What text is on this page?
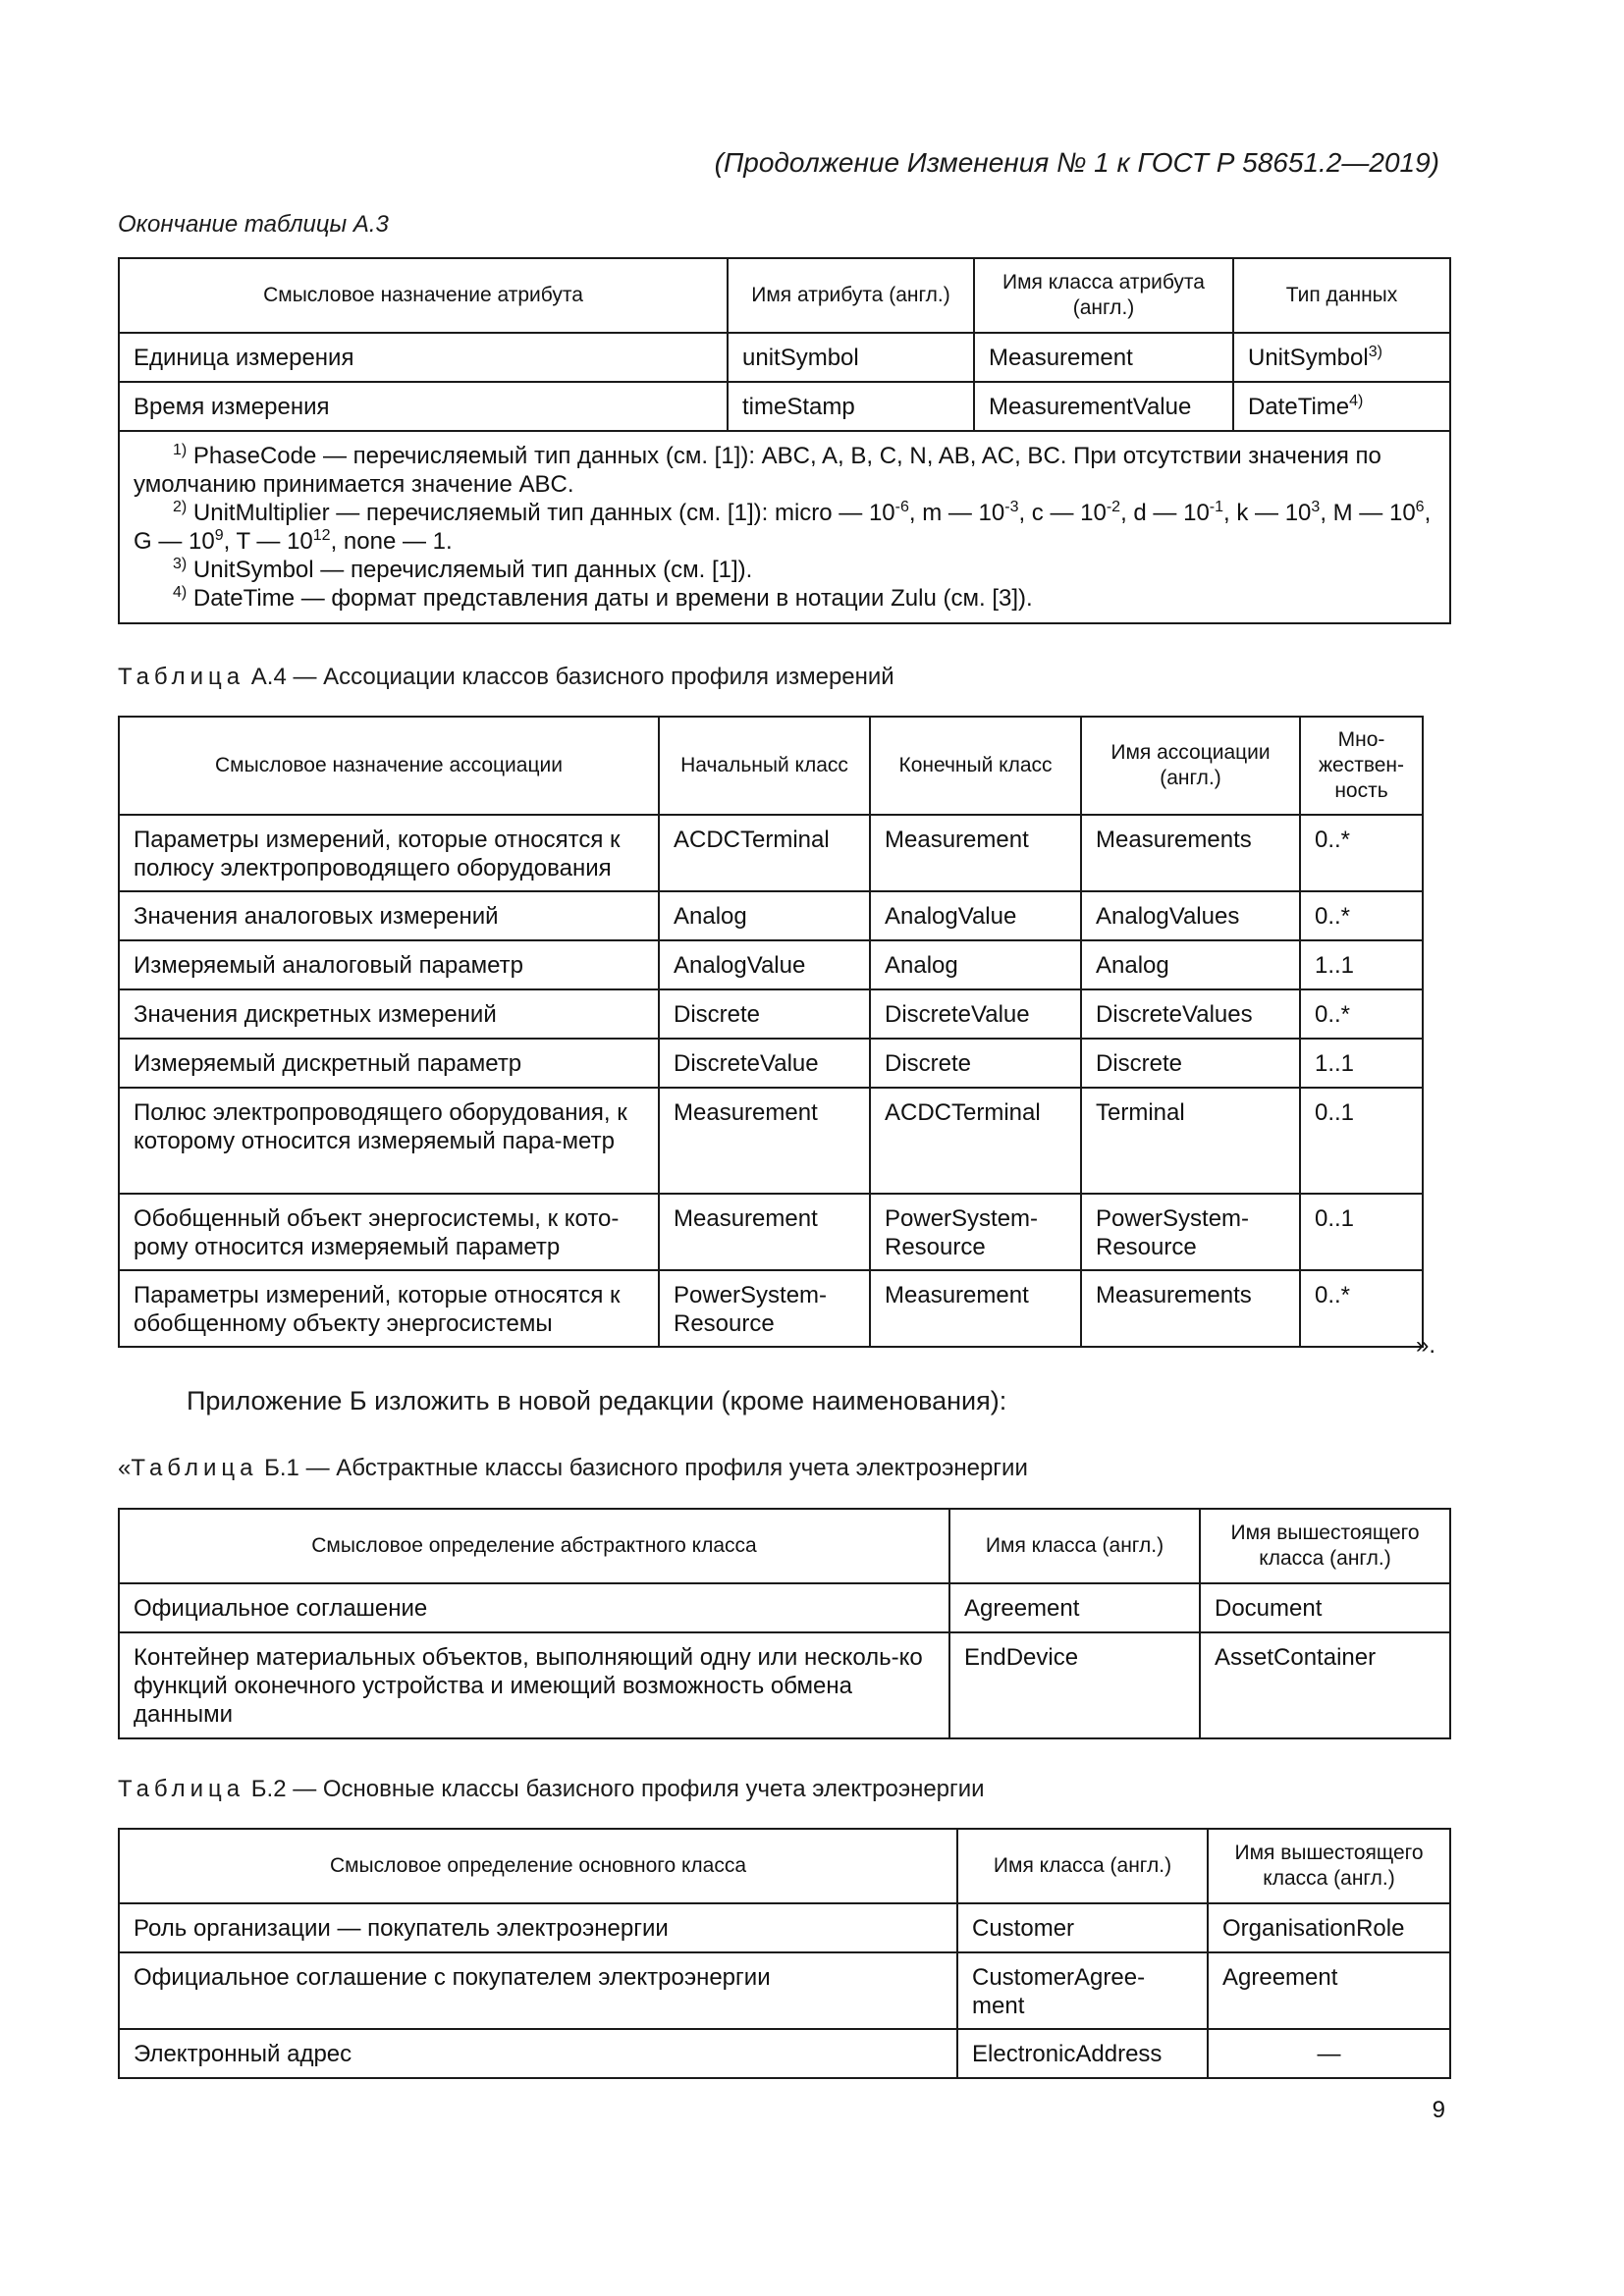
(Продолжение Изменения № 1 к ГОСТ Р 58651.2—2019)
Окончание таблицы А.3
Смысловое назначение атрибута	Имя атрибута (англ.)	Имя класса атрибута (англ.)	Тип данных
Единица измерения	unitSymbol	Measurement	UnitSymbol$^{3)}$
Время измерения	timeStamp	MeasurementValue	DateTime$^{4)}$

$^{1)}$ PhaseCode — перечисляемый тип данных (см. [1]): ABC, A, B, C, N, AB, AC, BC. При отсутствии значения по умолчанию принимается значение ABC.

$^{2)}$ UnitMultiplier — перечисляемый тип данных (см. [1]): micro — $10^{-6}$, m — $10^{-3}$, c — $10^{-2}$, d — $10^{-1}$, k — $10^3$, M — $10^6$, G — $10^9$, T — $10^{12}$, none — 1.

$^{3)}$ UnitSymbol — перечисляемый тип данных (см. [1]).

$^{4)}$ DateTime — формат представления даты и времени в нотации Zulu (см. [3]).			

Таблица А.4 — Ассоциации классов базисного профиля измерений
Смысловое назначение ассоциации	Начальный класс	Конечный класс	Имя ассоциации (англ.)	Мно-жествен-ность
Параметры измерений, которые относятся к полюсу электропроводящего оборудования	ACDCTerminal	Measurement	Measurements	0..*
Значения аналоговых измерений	Analog	AnalogValue	AnalogValues	0..*
Измеряемый аналоговый параметр	AnalogValue	Analog	Analog	1..1
Значения дискретных измерений	Discrete	DiscreteValue	DiscreteValues	0..*
Измеряемый дискретный параметр	DiscreteValue	Discrete	Discrete	1..1
Полюс электропроводящего оборудования, к которому относится измеряемый пара-метр	Measurement	ACDCTerminal	Terminal	0..1
Обобщенный объект энергосистемы, к кото-рому относится измеряемый параметр	Measurement	PowerSystem-Resource	PowerSystem-Resource	0..1
Параметры измерений, которые относятся к обобщенному объекту энергосистемы	PowerSystem-Resource	Measurement	Measurements	0..*
».
Приложение Б изложить в новой редакции (кроме наименования):
«Таблица Б.1 — Абстрактные классы базисного профиля учета электроэнергии
Смысловое определение абстрактного класса	Имя класса (англ.)	Имя вышестоящего класса (англ.)
Официальное соглашение	Agreement	Document
Контейнер материальных объектов, выполняющий одну или несколь-ко функций оконечного устройства и имеющий возможность обмена данными	EndDevice	AssetContainer
Таблица Б.2 — Основные классы базисного профиля учета электроэнергии
Смысловое определение основного класса	Имя класса (англ.)	Имя вышестоящего класса (англ.)
Роль организации — покупатель электроэнергии	Customer	OrganisationRole
Официальное соглашение с покупателем электроэнергии	CustomerAgree-ment	Agreement
Электронный адрес	ElectronicAddress	—
9
